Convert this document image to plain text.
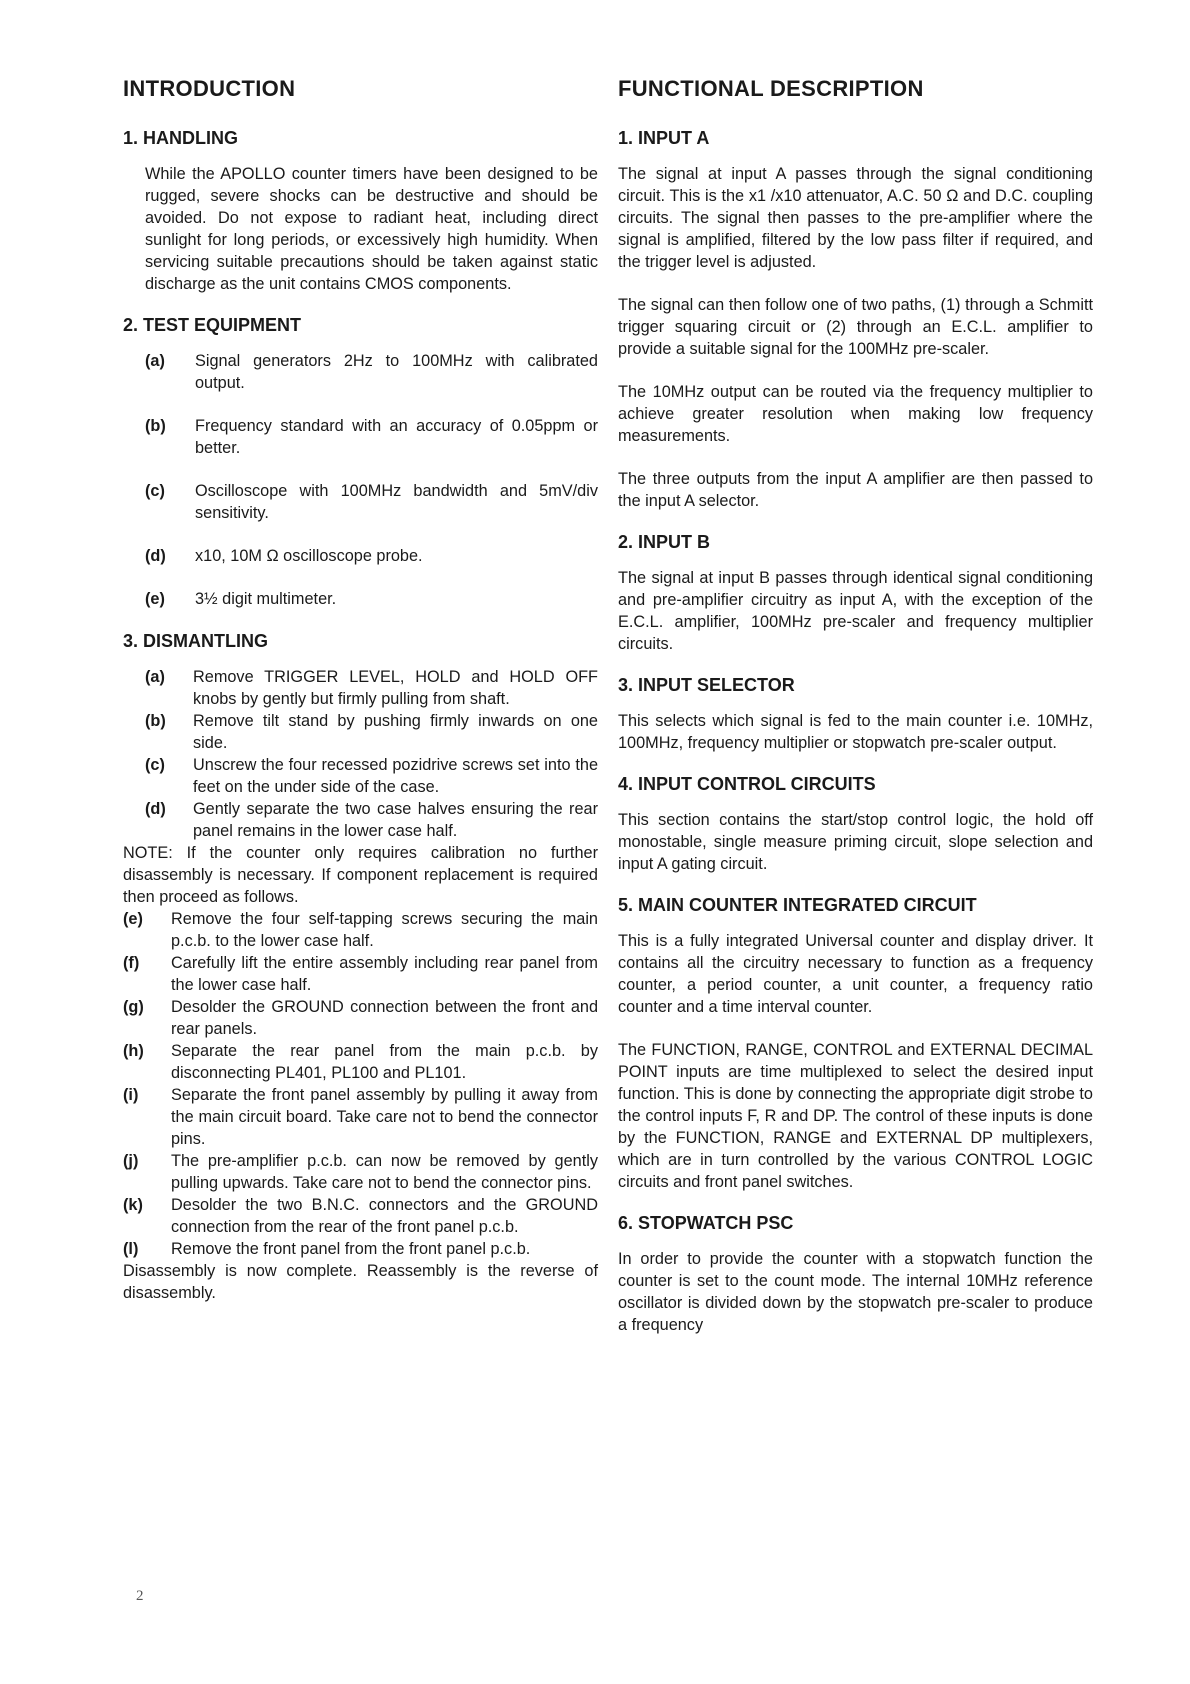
INTRODUCTION
1. HANDLING
While the APOLLO counter timers have been designed to be rugged, severe shocks can be destructive and should be avoided. Do not expose to radiant heat, including direct sunlight for long periods, or excessively high humidity. When servicing suitable precautions should be taken against static discharge as the unit contains CMOS components.
2. TEST EQUIPMENT
(a)	Signal generators 2Hz to 100MHz with calibrated output.
(b)	Frequency standard with an accuracy of 0.05ppm or better.
(c)	Oscilloscope with 100MHz bandwidth and 5mV/div sensitivity.
(d)	x10, 10M Ω oscilloscope probe.
(e)	3½ digit multimeter.
3. DISMANTLING
(a)	Remove TRIGGER LEVEL, HOLD and HOLD OFF knobs by gently but firmly pulling from shaft.
(b)	Remove tilt stand by pushing firmly inwards on one side.
(c)	Unscrew the four recessed pozidrive screws set into the feet on the under side of the case.
(d)	Gently separate the two case halves ensuring the rear panel remains in the lower case half.
NOTE: If the counter only requires calibration no further disassembly is necessary. If component replacement is required then proceed as follows.
(e)	Remove the four self-tapping screws securing the main p.c.b. to the lower case half.
(f)	Carefully lift the entire assembly including rear panel from the lower case half.
(g)	Desolder the GROUND connection between the front and rear panels.
(h)	Separate the rear panel from the main p.c.b. by disconnecting PL401, PL100 and PL101.
(i)	Separate the front panel assembly by pulling it away from the main circuit board. Take care not to bend the connector pins.
(j)	The pre-amplifier p.c.b. can now be removed by gently pulling upwards. Take care not to bend the connector pins.
(k)	Desolder the two B.N.C. connectors and the GROUND connection from the rear of the front panel p.c.b.
(l)	Remove the front panel from the front panel p.c.b.
Disassembly is now complete. Reassembly is the reverse of disassembly.
FUNCTIONAL DESCRIPTION
1. INPUT A
The signal at input A passes through the signal conditioning circuit. This is the x1 /x10 attenuator, A.C. 50 Ω and D.C. coupling circuits. The signal then passes to the pre-amplifier where the signal is amplified, filtered by the low pass filter if required, and the trigger level is adjusted.
The signal can then follow one of two paths, (1) through a Schmitt trigger squaring circuit or (2) through an E.C.L. amplifier to provide a suitable signal for the 100MHz pre-scaler.
The 10MHz output can be routed via the frequency multiplier to achieve greater resolution when making low frequency measurements.
The three outputs from the input A amplifier are then passed to the input A selector.
2. INPUT B
The signal at input B passes through identical signal conditioning and pre-amplifier circuitry as input A, with the exception of the E.C.L. amplifier, 100MHz pre-scaler and frequency multiplier circuits.
3. INPUT SELECTOR
This selects which signal is fed to the main counter i.e. 10MHz, 100MHz, frequency multiplier or stopwatch pre-scaler output.
4. INPUT CONTROL CIRCUITS
This section contains the start/stop control logic, the hold off monostable, single measure priming circuit, slope selection and input A gating circuit.
5. MAIN COUNTER INTEGRATED CIRCUIT
This is a fully integrated Universal counter and display driver. It contains all the circuitry necessary to function as a frequency counter, a period counter, a unit counter, a frequency ratio counter and a time interval counter.
The FUNCTION, RANGE, CONTROL and EXTERNAL DECIMAL POINT inputs are time multiplexed to select the desired input function. This is done by connecting the appropriate digit strobe to the control inputs F, R and DP. The control of these inputs is done by the FUNCTION, RANGE and EXTERNAL DP multiplexers, which are in turn controlled by the various CONTROL LOGIC circuits and front panel switches.
6. STOPWATCH PSC
In order to provide the counter with a stopwatch function the counter is set to the count mode. The internal 10MHz reference oscillator is divided down by the stopwatch pre-scaler to produce a frequency
2
